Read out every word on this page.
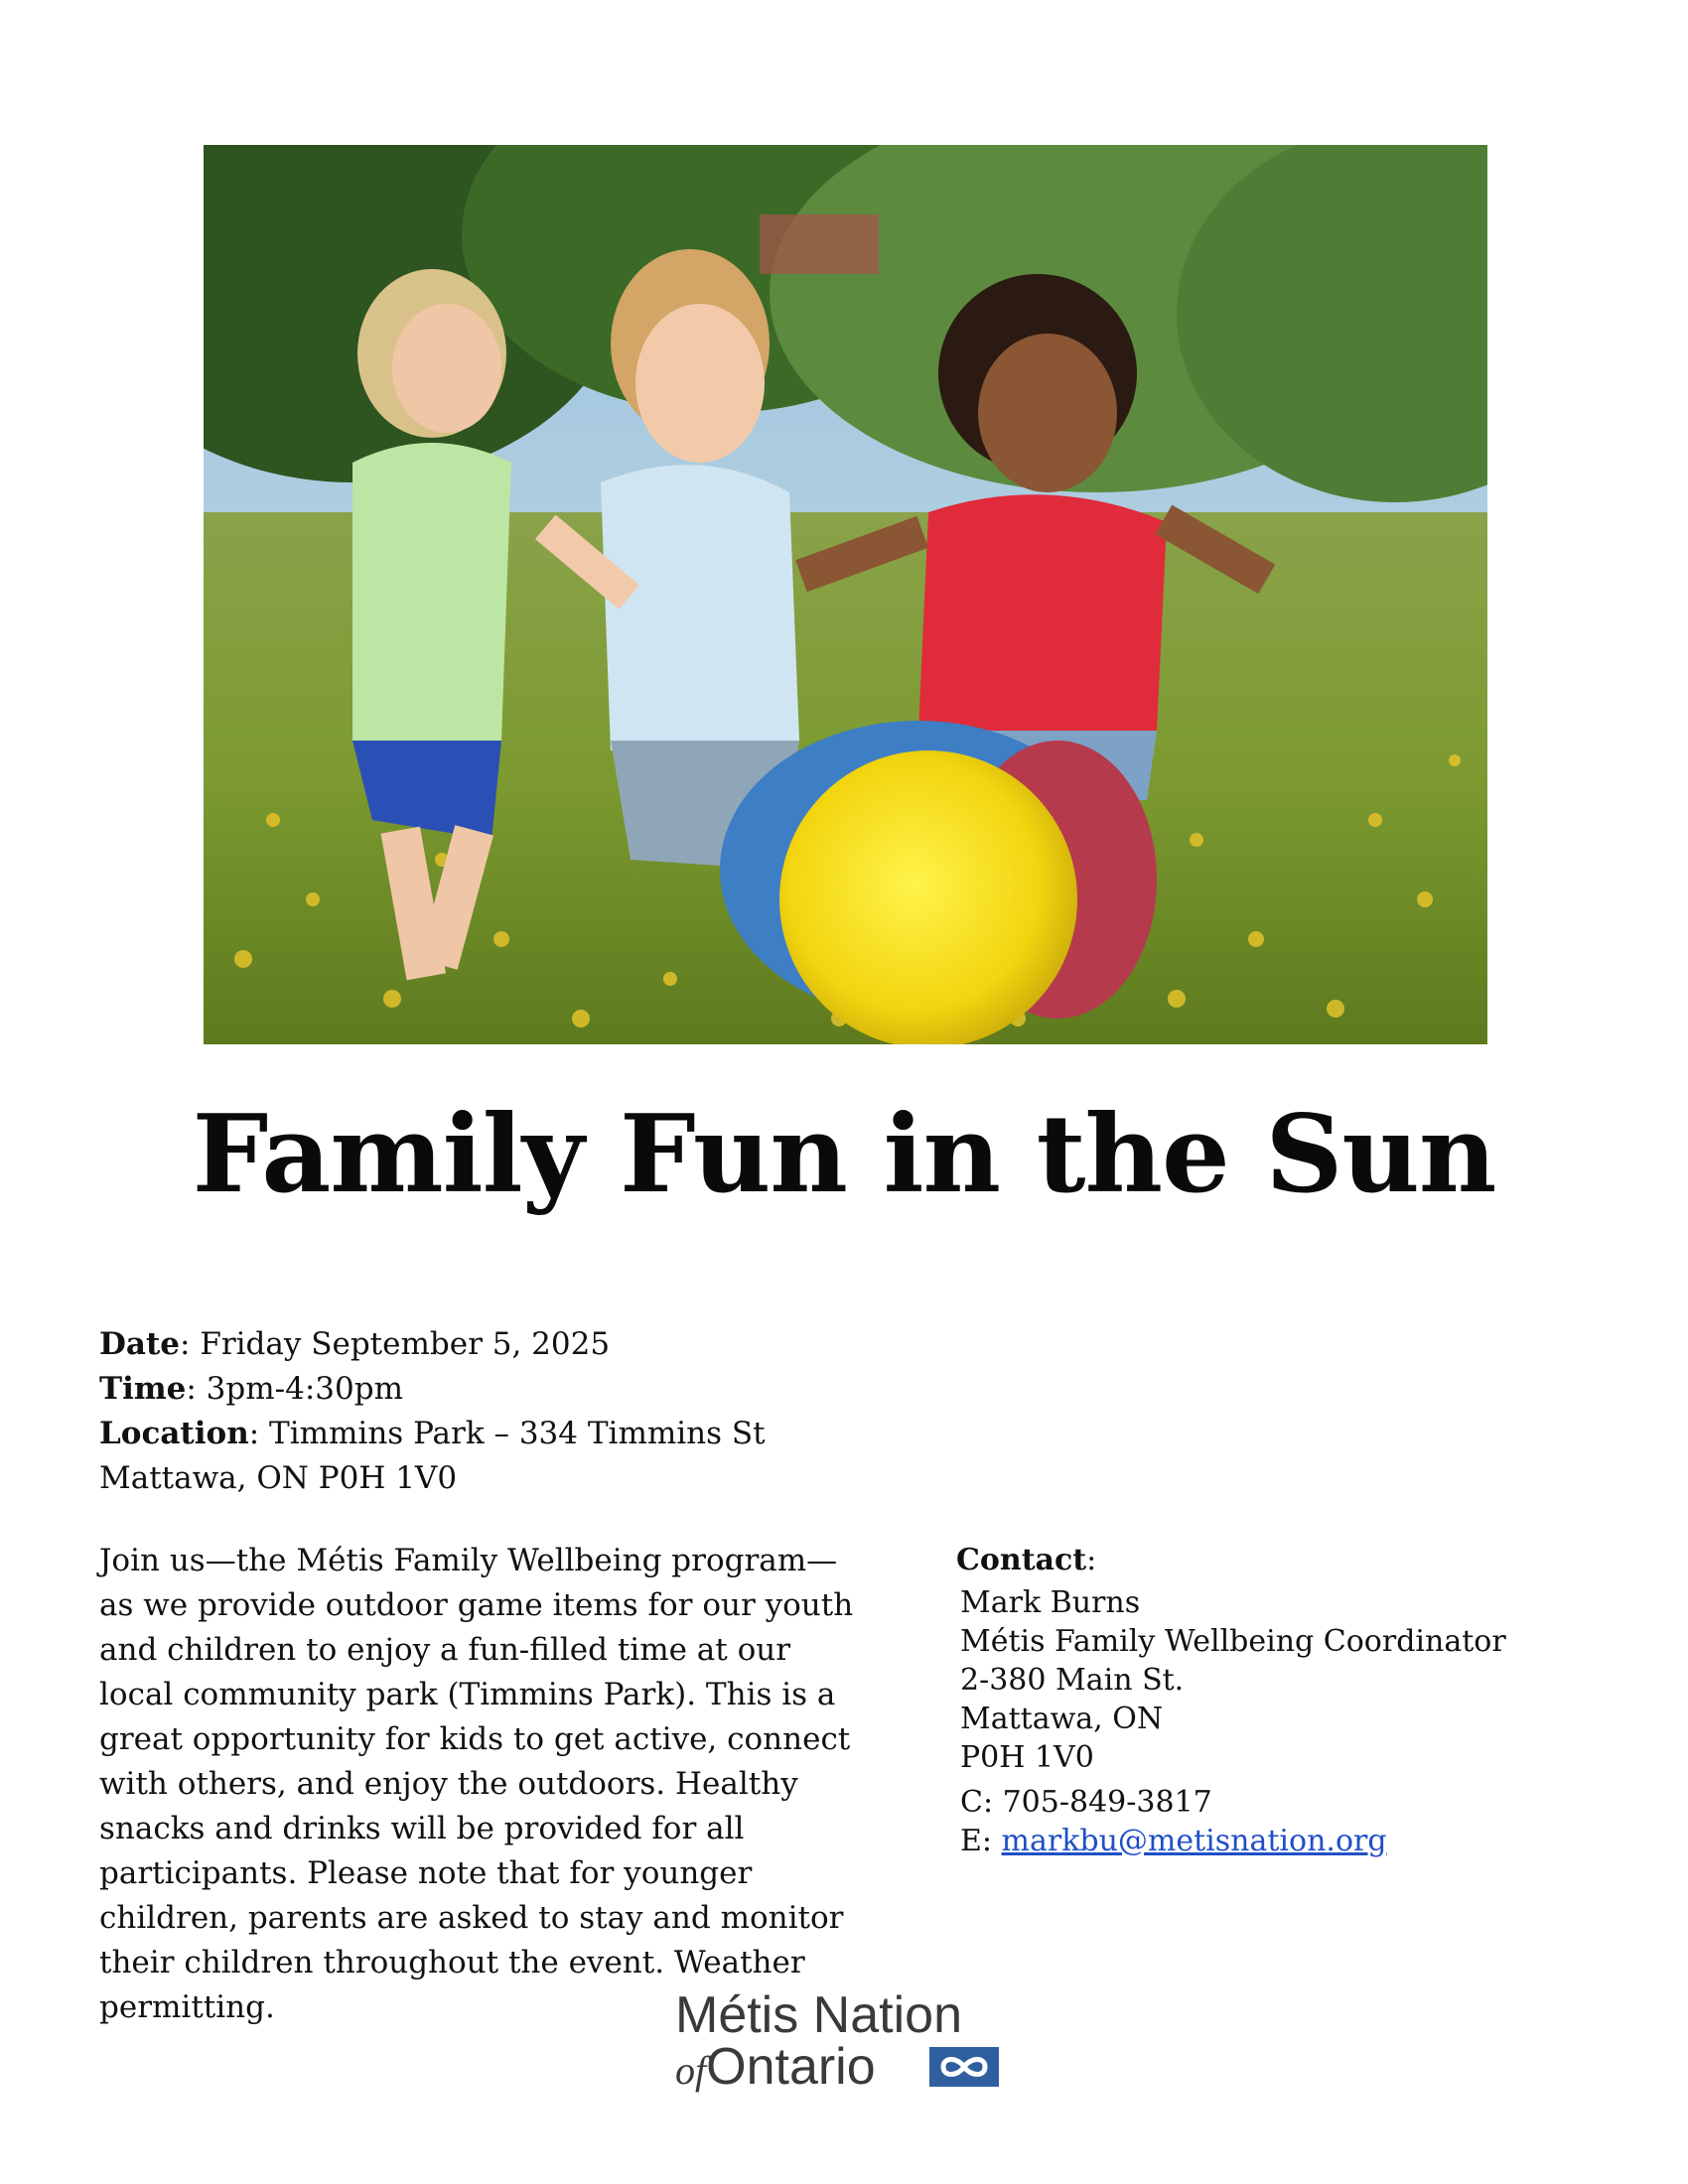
Family Fun in the Sun
Date: Friday September 5, 2025
Time: 3pm-4:30pm
Location: Timmins Park – 334 Timmins St
Mattawa, ON P0H 1V0
Join us—the Métis Family Wellbeing program—as we provide outdoor game items for our youth and children to enjoy a fun-filled time at our local community park (Timmins Park). This is a great opportunity for kids to get active, connect with others, and enjoy the outdoors. Healthy snacks and drinks will be provided for all participants. Please note that for younger children, parents are asked to stay and monitor their children throughout the event. Weather permitting.
Contact:
Mark Burns
Métis Family Wellbeing Coordinator
2-380 Main St.
Mattawa, ON
P0H 1V0
C: 705-849-3817
E: markbu@metisnation.org
Métis Nation
ofOntario
